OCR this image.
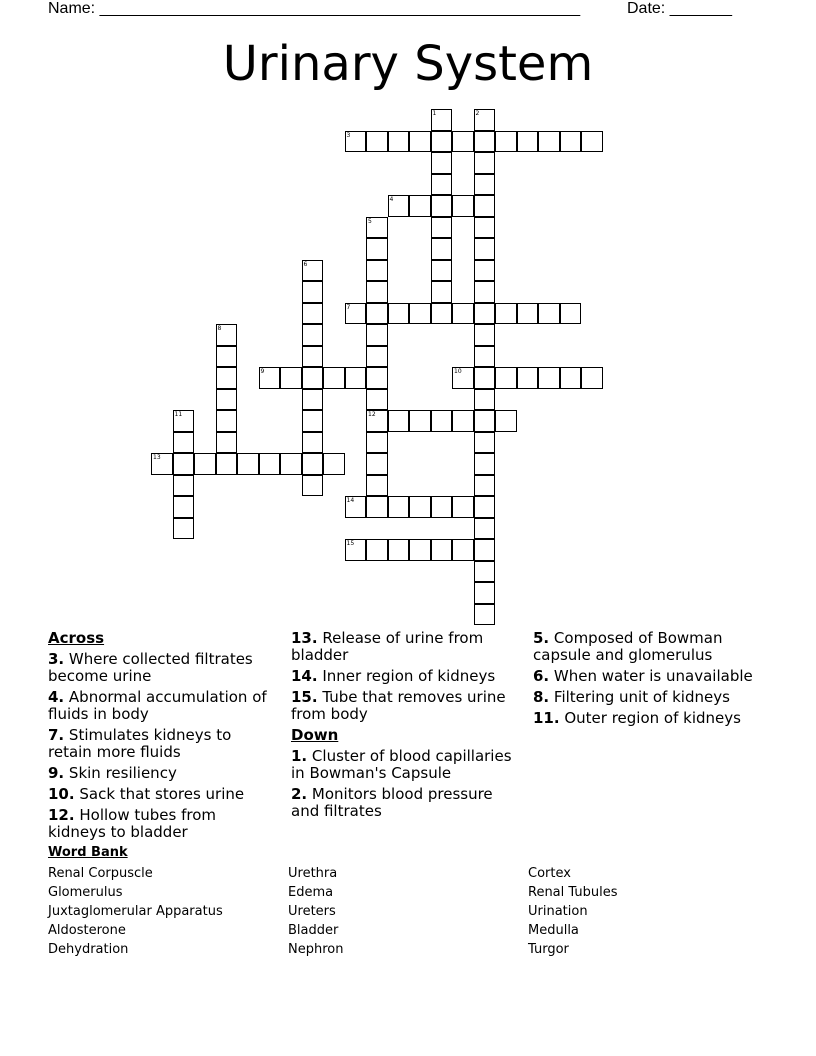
Name: ______________________________________________________	Date: _______
Urinary System
1	2
3
4
5
12
6
7
8
9	10
11
13
14
15
Across
3. Where collected filtrates become urine
4. Abnormal accumulation of fluids in body
7. Stimulates kidneys to retain more fluids
9. Skin resiliency
10. Sack that stores urine
12. Hollow tubes from kidneys to bladder
13. Release of urine from bladder
14. Inner region of kidneys
15. Tube that removes urine from body
Down
1. Cluster of blood capillaries in Bowman's Capsule
2. Monitors blood pressure and filtrates
5. Composed of Bowman capsule and glomerulus
6. When water is unavailable
8. Filtering unit of kidneys
11. Outer region of kidneys
Word Bank
Renal Corpuscle
Glomerulus
Juxtaglomerular Apparatus
Aldosterone
Dehydration
Urethra
Edema
Ureters
Bladder
Nephron
Cortex
Renal Tubules
Urination
Medulla
Turgor
